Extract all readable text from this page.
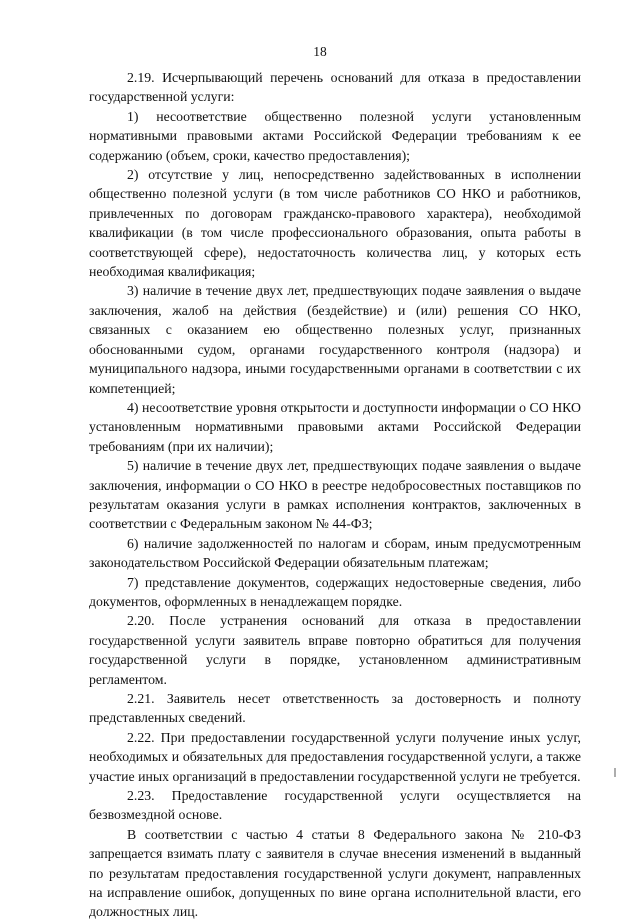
18

2.19. Исчерпывающий перечень оснований для отказа в предоставлении государственной услуги:

1) несоответствие общественно полезной услуги установленным нормативными правовыми актами Российской Федерации требованиям к ее содержанию (объем, сроки, качество предоставления);

2) отсутствие у лиц, непосредственно задействованных в исполнении общественно полезной услуги (в том числе работников СО НКО и работников, привлеченных по договорам гражданско-правового характера), необходимой квалификации (в том числе профессионального образования, опыта работы в соответствующей сфере), недостаточность количества лиц, у которых есть необходимая квалификация;

3) наличие в течение двух лет, предшествующих подаче заявления о выдаче заключения, жалоб на действия (бездействие) и (или) решения СО НКО, связанных с оказанием ею общественно полезных услуг, признанных обоснованными судом, органами государственного контроля (надзора) и муниципального надзора, иными государственными органами в соответствии с их компетенцией;

4) несоответствие уровня открытости и доступности информации о СО НКО установленным нормативными правовыми актами Российской Федерации требованиям (при их наличии);

5) наличие в течение двух лет, предшествующих подаче заявления о выдаче заключения, информации о СО НКО в реестре недобросовестных поставщиков по результатам оказания услуги в рамках исполнения контрактов, заключенных в соответствии с Федеральным законом № 44-ФЗ;

6) наличие задолженностей по налогам и сборам, иным предусмотренным законодательством Российской Федерации обязательным платежам;

7) представление документов, содержащих недостоверные сведения, либо документов, оформленных в ненадлежащем порядке.

2.20. После устранения оснований для отказа в предоставлении государственной услуги заявитель вправе повторно обратиться для получения государственной услуги в порядке, установленном административным регламентом.

2.21. Заявитель несет ответственность за достоверность и полноту представленных сведений.

2.22. При предоставлении государственной услуги получение иных услуг, необходимых и обязательных для предоставления государственной услуги, а также участие иных организаций в предоставлении государственной услуги не требуется.

2.23. Предоставление государственной услуги осуществляется на безвозмездной основе.

В соответствии с частью 4 статьи 8 Федерального закона № 210-ФЗ запрещается взимать плату с заявителя в случае внесения изменений в выданный по результатам предоставления государственной услуги документ, направленных на исправление ошибок, допущенных по вине органа исполнительной власти, его должностных лиц.
